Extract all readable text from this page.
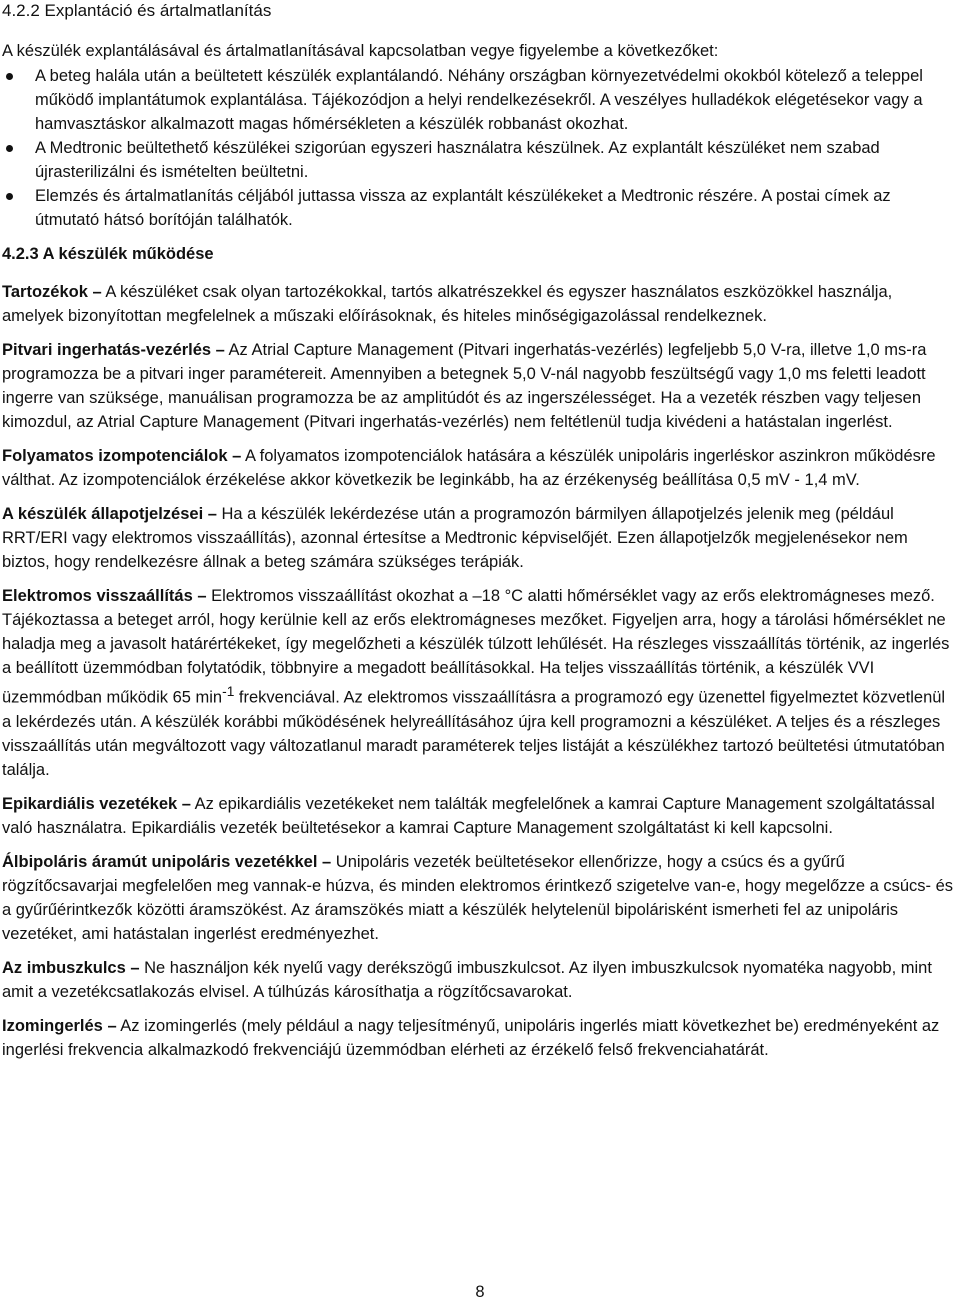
4.2.2 Explantáció és ártalmatlanítás

A készülék explantálásával és ártalmatlanításával kapcsolatban vegye figyelembe a következőket:

A beteg halála után a beültetett készülék explantálandó. Néhány országban környezetvédelmi okokból kötelező a teleppel működő implantátumok explantálása. Tájékozódjon a helyi rendelkezésekről. A veszélyes hulladékok elégetésekor vagy a hamvasztáskor alkalmazott magas hőmérsékleten a készülék robbanást okozhat.
A Medtronic beültethető készülékei szigorúan egyszeri használatra készülnek. Az explantált készüléket nem szabad újrasterilizálni és ismételten beültetni.
Elemzés és ártalmatlanítás céljából juttassa vissza az explantált készülékeket a Medtronic részére. A postai címek az útmutató hátsó borítóján találhatók.
4.2.3 A készülék működése

Tartozékok – A készüléket csak olyan tartozékokkal, tartós alkatrészekkel és egyszer használatos eszközökkel használja, amelyek bizonyítottan megfelelnek a műszaki előírásoknak, és hiteles minőségigazolással rendelkeznek.

Pitvari ingerhatás-vezérlés – Az Atrial Capture Management (Pitvari ingerhatás-vezérlés) legfeljebb 5,0 V-ra, illetve 1,0 ms-ra programozza be a pitvari inger paramétereit. Amennyiben a betegnek 5,0 V-nál nagyobb feszültségű vagy 1,0 ms feletti leadott ingerre van szüksége, manuálisan programozza be az amplitúdót és az ingerszélességet. Ha a vezeték részben vagy teljesen kimozdul, az Atrial Capture Management (Pitvari ingerhatás-vezérlés) nem feltétlenül tudja kivédeni a hatástalan ingerlést.

Folyamatos izompotenciálok – A folyamatos izompotenciálok hatására a készülék unipoláris ingerléskor aszinkron működésre válthat. Az izompotenciálok érzékelése akkor következik be leginkább, ha az érzékenység beállítása 0,5 mV - 1,4 mV.

A készülék állapotjelzései – Ha a készülék lekérdezése után a programozón bármilyen állapotjelzés jelenik meg (például RRT/ERI vagy elektromos visszaállítás), azonnal értesítse a Medtronic képviselőjét. Ezen állapotjelzők megjelenésekor nem biztos, hogy rendelkezésre állnak a beteg számára szükséges terápiák.

Elektromos visszaállítás – Elektromos visszaállítást okozhat a –18 °C alatti hőmérséklet vagy az erős elektromágneses mező. Tájékoztassa a beteget arról, hogy kerülnie kell az erős elektromágneses mezőket. Figyeljen arra, hogy a tárolási hőmérséklet ne haladja meg a javasolt határértékeket, így megelőzheti a készülék túlzott lehűlését. Ha részleges visszaállítás történik, az ingerlés a beállított üzemmódban folytatódik, többnyire a megadott beállításokkal. Ha teljes visszaállítás történik, a készülék VVI üzemmódban működik 65 $\min^{-1}$ frekvenciával. Az elektromos visszaállításra a programozó egy üzenettel figyelmeztet közvetlenül a lekérdezés után. A készülék korábbi működésének helyreállításához újra kell programozni a készüléket. A teljes és a részleges visszaállítás után megváltozott vagy változatlanul maradt paraméterek teljes listáját a készülékhez tartozó beültetési útmutatóban találja.

Epikardiális vezetékek – Az epikardiális vezetékeket nem találták megfelelőnek a kamrai Capture Management szolgáltatással való használatra. Epikardiális vezeték beültetésekor a kamrai Capture Management szolgáltatást ki kell kapcsolni.

Álbipoláris áramút unipoláris vezetékkel – Unipoláris vezeték beültetésekor ellenőrizze, hogy a csúcs és a gyűrű rögzítőcsavarjai megfelelően meg vannak-e húzva, és minden elektromos érintkező szigetelve van-e, hogy megelőzze a csúcs- és a gyűrűérintkezők közötti áramszökést. Az áramszökés miatt a készülék helytelenül bipolárisként ismerheti fel az unipoláris vezetéket, ami hatástalan ingerlést eredményezhet.

Az imbuszkulcs – Ne használjon kék nyelű vagy derékszögű imbuszkulcsot. Az ilyen imbuszkulcsok nyomatéka nagyobb, mint amit a vezetékcsatlakozás elvisel. A túlhúzás károsíthatja a rögzítőcsavarokat.

Izomingerlés – Az izomingerlés (mely például a nagy teljesítményű, unipoláris ingerlés miatt következhet be) eredményeként az ingerlési frekvencia alkalmazkodó frekvenciájú üzemmódban elérheti az érzékelő felső frekvenciahatárát.

8
